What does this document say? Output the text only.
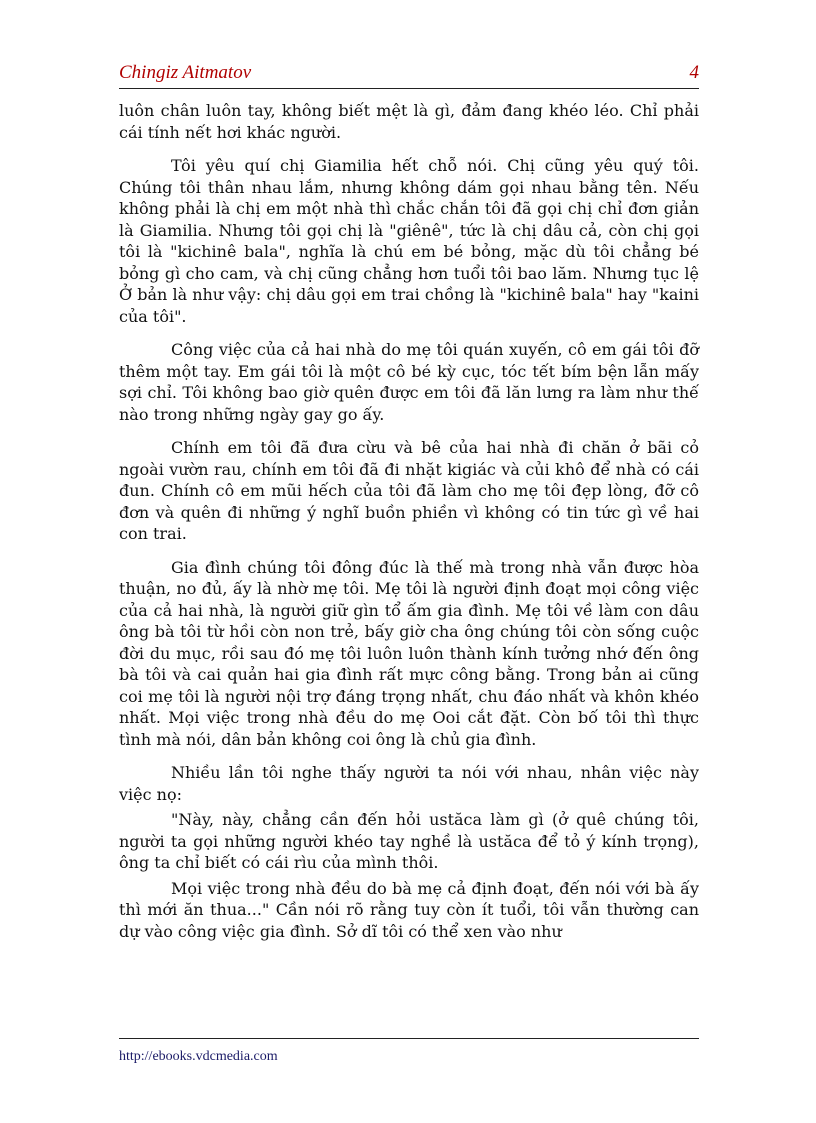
Chingiz Aitmatov	4

luôn chân luôn tay, không biết mệt là gì, đảm đang khéo léo. Chỉ phải cái tính nết hơi khác người.

Tôi yêu quí chị Giamilia hết chỗ nói. Chị cũng yêu quý tôi. Chúng tôi thân nhau lắm, nhưng không dám gọi nhau bằng tên. Nếu không phải là chị em một nhà thì chắc chắn tôi đã gọi chị chỉ đơn giản là Giamilia. Nhưng tôi gọi chị là "giênê", tức là chị dâu cả, còn chị gọi tôi là "kichinê bala", nghĩa là chú em bé bỏng, mặc dù tôi chẳng bé bỏng gì cho cam, và chị cũng chẳng hơn tuổi tôi bao lăm. Nhưng tục lệ Ở bản là như vậy: chị dâu gọi em trai chồng là "kichinê bala" hay "kaini của tôi".

Công việc của cả hai nhà do mẹ tôi quán xuyến, cô em gái tôi đỡ thêm một tay. Em gái tôi là một cô bé kỳ cục, tóc tết bím bện lẫn mấy sợi chỉ. Tôi không bao giờ quên được em tôi đã lăn lưng ra làm như thế nào trong những ngày gay go ấy.

Chính em tôi đã đưa cừu và bê của hai nhà đi chăn ở bãi cỏ ngoài vườn rau, chính em tôi đã đi nhặt kigiác và củi khô để nhà có cái đun. Chính cô em mũi hếch của tôi đã làm cho mẹ tôi đẹp lòng, đỡ cô đơn và quên đi những ý nghĩ buồn phiền vì không có tin tức gì về hai con trai.

Gia đình chúng tôi đông đúc là thế mà trong nhà vẫn được hòa thuận, no đủ, ấy là nhờ mẹ tôi. Mẹ tôi là người định đoạt mọi công việc của cả hai nhà, là người giữ gìn tổ ấm gia đình. Mẹ tôi về làm con dâu ông bà tôi từ hồi còn non trẻ, bấy giờ cha ông chúng tôi còn sống cuộc đời du mục, rồi sau đó mẹ tôi luôn luôn thành kính tưởng nhớ đến ông bà tôi và cai quản hai gia đình rất mực công bằng. Trong bản ai cũng coi mẹ tôi là người nội trợ đáng trọng nhất, chu đáo nhất và khôn khéo nhất. Mọi việc trong nhà đều do mẹ Ooi cắt đặt. Còn bố tôi thì thực tình mà nói, dân bản không coi ông là chủ gia đình.

Nhiều lần tôi nghe thấy người ta nói với nhau, nhân việc này việc nọ:

"Này, này, chẳng cần đến hỏi ustăca làm gì (ở quê chúng tôi, người ta gọi những người khéo tay nghề là ustăca để tỏ ý kính trọng), ông ta chỉ biết có cái rìu của mình thôi.

Mọi việc trong nhà đều do bà mẹ cả định đoạt, đến nói với bà ấy thì mới ăn thua..." Cần nói rõ rằng tuy còn ít tuổi, tôi vẫn thường can dự vào công việc gia đình. Sở dĩ tôi có thể xen vào như

http://ebooks.vdcmedia.com
